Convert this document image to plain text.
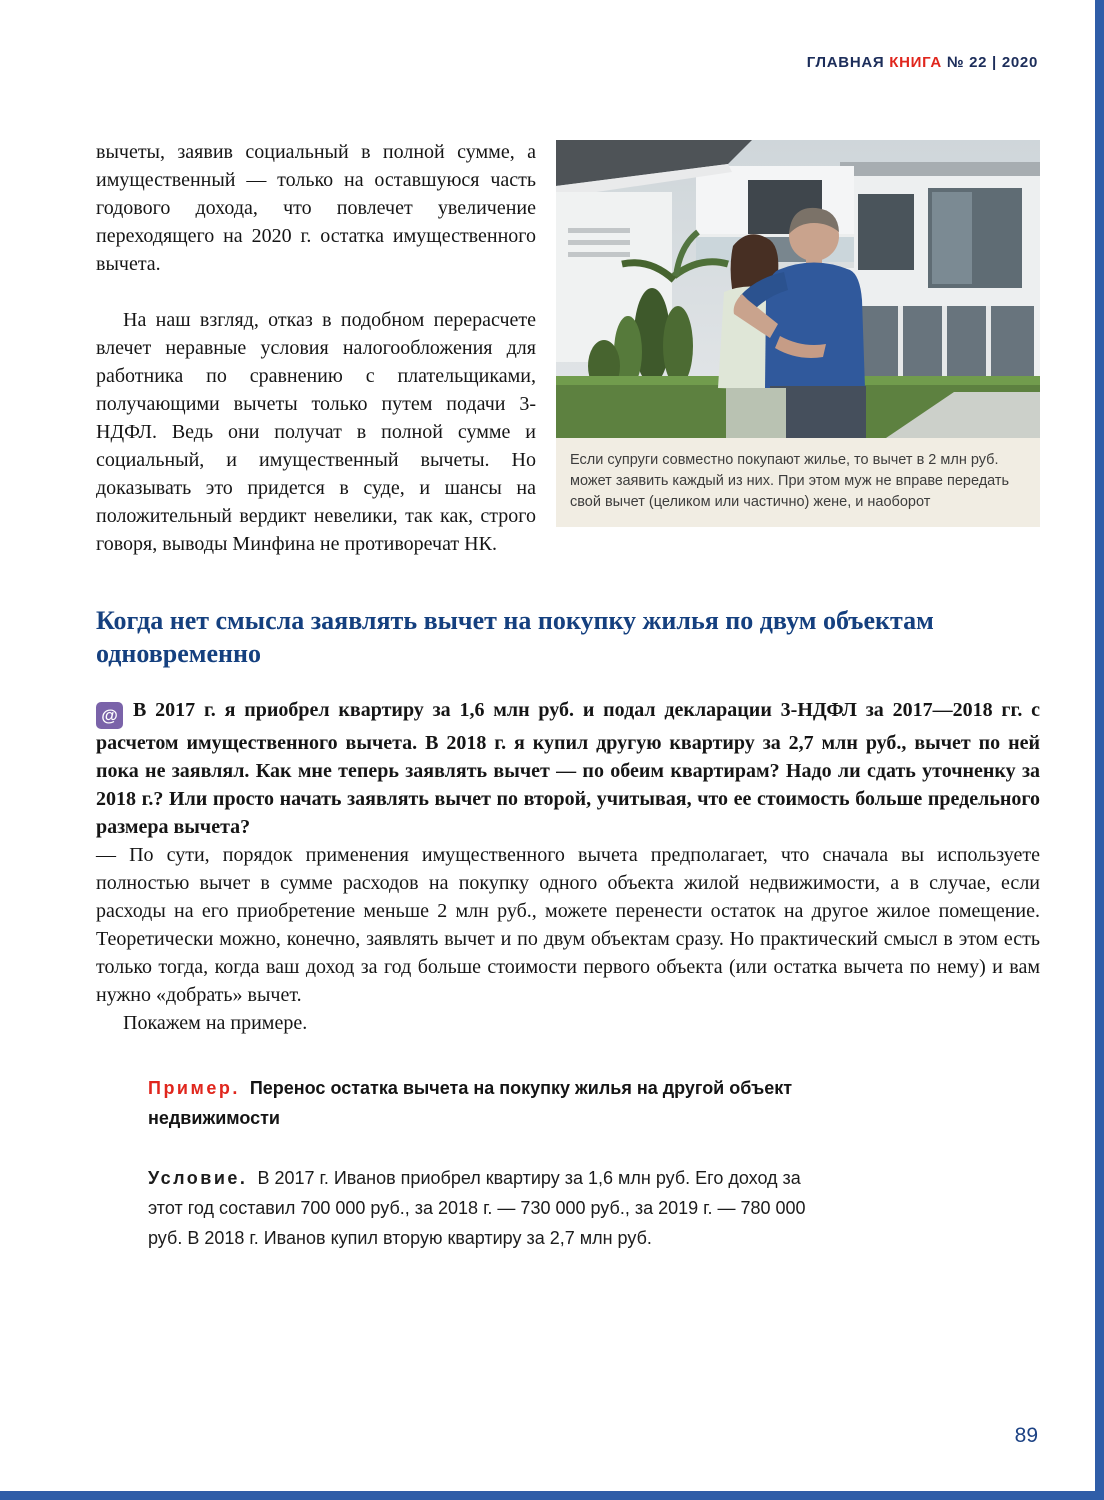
ГЛАВНАЯ КНИГА № 22 | 2020
Если супруги совместно покупают жилье, то вычет в 2 млн руб. может заявить каждый из них. При этом муж не вправе передать свой вычет (целиком или частично) жене, и наоборот

вычеты, заявив социальный в полной сумме, а имущественный — только на оставшуюся часть годового дохода, что повлечет увеличение переходящего на 2020 г. остатка имущественного вычета.

На наш взгляд, отказ в подобном перерасчете влечет неравные условия налогообложения для работника по сравнению с плательщиками, получающими вычеты только путем подачи 3-НДФЛ. Ведь они получат в полной сумме и социальный, и имущественный вычеты. Но доказывать это придется в суде, и шансы на положительный вердикт невелики, так как, строго говоря, выводы Минфина не противоречат НК.

Когда нет смысла заявлять вычет на покупку жилья по двум объектам одновременно

@ В 2017 г. я приобрел квартиру за 1,6 млн руб. и подал декларации 3-НДФЛ за 2017—2018 гг. с расчетом имущественного вычета. В 2018 г. я купил другую квартиру за 2,7 млн руб., вычет по ней пока не заявлял. Как мне теперь заявлять вычет — по обеим квартирам? Надо ли сдать уточненку за 2018 г.? Или просто начать заявлять вычет по второй, учитывая, что ее стоимость больше предельного размера вычета?

— По сути, порядок применения имущественного вычета предполагает, что сначала вы используете полностью вычет в сумме расходов на покупку одного объекта жилой недвижимости, а в случае, если расходы на его приобретение меньше 2 млн руб., можете перенести остаток на другое жилое помещение. Теоретически можно, конечно, заявлять вычет и по двум объектам сразу. Но практический смысл в этом есть только тогда, когда ваш доход за год больше стоимости первого объекта (или остатка вычета по нему) и вам нужно «добрать» вычет.

Покажем на примере.

Пример. Перенос остатка вычета на покупку жилья на другой объект недвижимости

Условие. В 2017 г. Иванов приобрел квартиру за 1,6 млн руб. Его доход за этот год составил 700 000 руб., за 2018 г. — 730 000 руб., за 2019 г. — 780 000 руб. В 2018 г. Иванов купил вторую квартиру за 2,7 млн руб.

89
